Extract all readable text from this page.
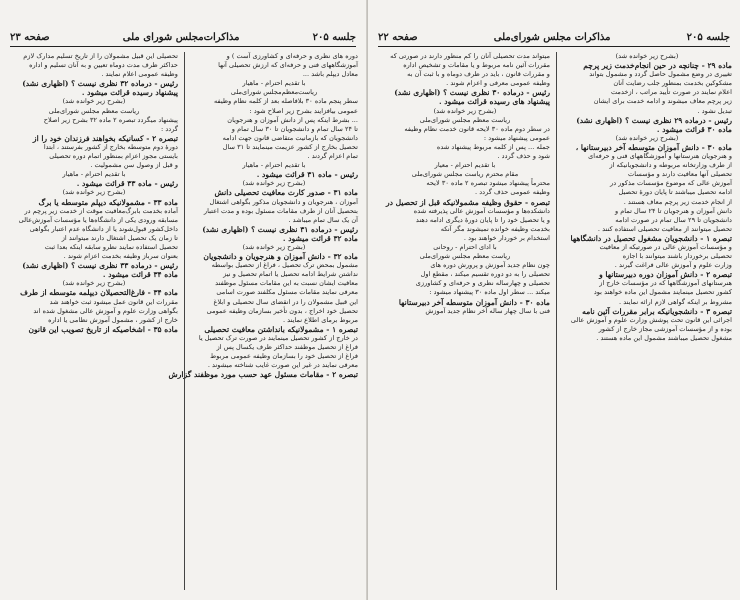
جلسه ۲۰۵
مذاکرات‌مجلس شورای ملی
صفحه ۲۳
دوره های نظری و حرفه‌ای و کشاورزی آست ) و
آموزشگاههای فنی و حرفه‌ای که ارزش تحصیلی آنها
معادل دیپلم باشد ...
با تقدیم احترام - ماهیار
ریاست‌معظم‌مجلس شورای‌ملی
سطر پنجم ماده ۳۰ بلافاصله بعد از کلمه نظام وظیفه
عمومی بیافزایند بشرح زیر اصلاح شود :
... بشرط اینکه پس از دانش آموزان و هنرجویان
تا ۲۴ سال تمام و دانشجویان تا ۳۰ سال تمام و
دانشجویان که بازمانیت متقاضی قانون جهت ادامه
تحصیل بخارج از کشور عزیمت مینمایند تا ۳۱ سال
تمام اعزام گردند .
با تقدیم احترام - ماهیار
رئیس - ماده ۳۱ قرائت میشود .
(بشرح زیر خوانده شد)
ماده ۳۱ - صدور کارت معافیت تحصیلی دانش
آموزان ، هنرجویان و دانشجویان مذکور بگواهی اشتغال
بتحصیل آنان از طرف مقامات مسئول بوده و مدت اعتبار
آن یک سال تمام میباشد .
رئیس - درماده ۳۱ نظری نیست ؟ (اظهاری نشد)
ماده ۳۲ قرائت میشود .
(بشرح زیر خوانده شد)
ماده ۳۲ - دانش آموزان و هنرجویان و دانشجویان
مشمول بمحض ترک تحصیل ، فراغ از تحصیل بواسطه
نداشتن شرایط ادامه تحصیل یا اتمام تحصیل و نیز
معافیت ایشان نسبت به این مقامات مسئول موظفند
معرفی نمایند مقامات مسئول مکلفند صورت اسامی
این قبیل مشمولان را در انقضای سال تحصیلی و ابلاغ
تحصیل خود اخراج ، بدون تأخیر بسازمان وظیفه عمومی
مربوط برمای اطلاع نمایند .
تبصره ۱ - مشمولانیکه بانداشتن معافیت تحصیلی
در خارج از کشور تحصیل مینمایند در صورت ترک تحصیل یا
فراغ از تحصیل موظفند حداکثر ظرف یکسال پس از
فراغ از تحصیل خود را بسازمان وظیفه عمومی مربوط
معرفی نمایند در غیر این صورت غایب شناخته میشوند .
تبصره ۲ - مقامات مسئول عهد حسب مورد موظفند گزارش
تحصیلی این قبیل مشمولان را از تاریخ تسلیم مدارک لازم
حداکثر ظرف مدت دوماه تعیین و به آنان تسلیم و اداره
وظیفه عمومی اعلام نمایند .
رئیس - درماده ۳۲ نظری نیست ؟ (اظهاری نشد)
پیشنهاد رسیده قرائت میشود .
(بشرح زیر خوانده شد)
ریاست معظم مجلس شورای‌ملی
پیشنهاد میگردد تبصره ۲ ماده ۳۲ بشرح زیر اصلاح
گردد :
تبصره ۲ - کسانیکه بخواهند فرزندان خود را از
دورۀ دوم متوسطه‌ بخارج‌ از کشور بفرستند ، ابتدا
بایستی مجوز اعزام بمنظور اتمام دوره تحصیلی
و قبل از وصول سن مشمولیت .
با تقدیم احترام - ماهیار
رئیس - ماده ۳۳ قرائت میشود .
(بشرح زیر خوانده شد)
ماده ۳۳ - مشمولانیکه دیپلم متوسطه یا برگ
آماده بخدمت بابرگ‌معافیت موقت از خدمت زیر پرچم در
مسابقه ورودی یکی از دانشگاه‌ها یا مؤسسات آموزش‌عالی
داخل‌کشور قبول‌شوند یا از دانشگاه عدم اعتبار بگواهی
تا زمان یک تحصیل اشتغال دارند میتوانند از
تحصیل استفاده نمایند نظرو سابقه اینکه بعدا ثبت
بعنوان سرباز وظیفه بخدمت اعزام شوند .
رئیس - درماده ۳۳ نظری نیست ؟ (اظهاری نشد)
ماده ۳۴ قرائت میشود .
(بشرح زیر خوانده شد)
ماده ۳۴ - فارغ‌التحصیلان دیپلمه متوسطه از طرف
مقررات این قانون عمل میشود ثبت خواهند شد
بگواهی وزارت علوم و آموزش عالی مشغول شده اند
خارج‌ از کشور ، مشمول آموزش نظامی یا اداره
ماده ۳۵ - اشخاصیکه از تاریخ تصویب این قانون
جلسه ۲۰۵
مذاکرات مجلس شورای‌ملی
صفحه ۲۲
(بشرح زیر خوانده شد)
ماده ۲۹ - چنانچه در حین انجام‌خدمت زیر پرچم
تغییری در وضع مشمول حاصل گردد و مشمول بتواند
مشکوکین بخدمت بمنظور جلب رضایت آنان
اعلام نمایند در صورت تأیید مراتب ، ازخدمت
زیر پرچم معاف میشوند و ادامه خدمت برای ایشان
تبدیل نشود .
رئیس - درماده ۲۹ نظری نیست ؟ (اظهاری نشد)
ماده ۳۰ قرائت میشود .
(بشرح زیر خوانده شد)
ماده ۳۰ - دانش آموزان متوسطه آخر دبیرستانها ،
و هنرجویان هنرستانها و آموزشگاههای فنی و حرفه‌ای
از طرف وزارتخانه مربوطه و دانشجویانیکه از
تحصیلی آنها معافیت دارند و مؤسسات
آموزش عالی که موضوع مؤسسات مذکور در
ادامه تحصیل میباشند تا پایان دورۀ تحصیل
از انجام خدمت زیر پرچم معاف هستند .
دانش آموزان و هنرجویان تا ۲۴ سال تمام و
دانشجویان تا ۲۹ سال تمام در صورت ادامه
تحصیل میتوانند از معافیت تحصیلی استفاده کنند .
تبصره ۱ - دانشجویان مشغول تحصیل در دانشگاهها
و مؤسسات آموزش عالی در صورتیکه از معافیت
تحصیلی برخوردار باشند میتوانند با اجازه
وزارت علوم و آموزش عالی فراغت گیرند .
تبصره ۲ - دانش آموزان دوره دبیرستانها و
هنرستانهای آموزشگاهها که در مؤسسات خارج از
کشور تحصیل مینمایند مشمول این ماده خواهند بود
مشروط بر اینکه گواهی لازم ارائه نمایند .
تبصره ۳ - دانشجویانیکه برابر مقررات آئین نامه
اجرائی این قانون تحت پوشش وزارت علوم و آموزش عالی
بوده و از مؤسسات آموزشی مجاز خارج از کشور
مشغول تحصیل میباشند مشمول این ماده هستند .
میتواند مدت تحصیلی آنان را کم منظور دارند در صورتی که
مقررات آئین نامه مربوط و یا مقامات و تشخیص اداره
و مقررات قانون ، باید در ظرف دوماه و با ثبت آن به
وظیفه عمومی معرفی و اعزام شوند .
رئیس - درماده ۳۰ نظری نیست ؟ (اظهاری نشد)
پیشنهاد های رسیده قرائت میشود .
(بشرح زیر خوانده شد)
ریاست معظم مجلس شورای‌ملی
در سطر دوم ماده ۳۰ لایحه قانون خدمت نظام وظیفه
عمومی پیشنهاد میشود :
جمله ... پس از کلمه مربوط پیشنهاد شده
شود و حذف گردد .
با تقدیم احترام - معیار
مقام محترم ریاست مجلس شورای‌ملی
محترماً پیشنهاد میشود تبصره ۲ ماده ۳۰ لایحه
وظیفه عمومی حذف گردد .
تبصره - حقوق وظیفه مشمولانیکه قبل از تحصیل در
دانشکده‌ها و مؤسسات آموزش عالی پذیرفته شده
و یا تحصیل خود را تا پایان دورۀ دیگری ادامه دهند
بخدمت وظیفه خوانده نمیشوند مگر آنکه
استخدام بر خوردار خواهند بود .
با ادای احترام - روحانی
ریاست معظم مجلس شورای‌ملی
چون نظام جدید آموزش و پرورش دوره های
تحصیلی را به دو دوره تقسیم میکند ، مقطع اول
تحصیلی و چهارساله نظری و حرفه‌ای و کشاورزی
میکند ... سطر اول ماده ۳۰ پیشنهاد میشود :
ماده ۳۰ - دانش آموزان متوسطه آخر دبیرستانها
فنی با سال چهار ساله آخر نظام جدید آموزش
